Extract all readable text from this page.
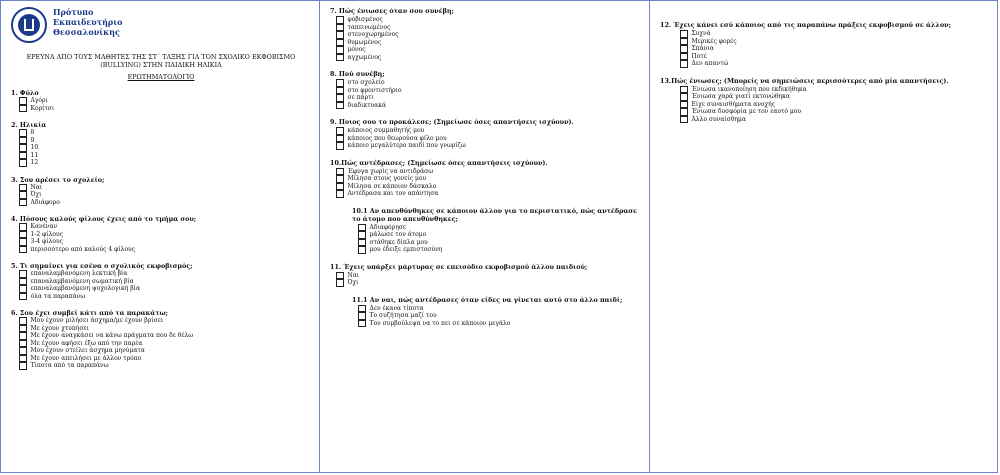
Πρότυπο
Εκπαιδευτήριο
Θεσσαλονίκης
ΕΡΕΥΝΑ ΑΠΟ ΤΟΥΣ ΜΑΘΗΤΕΣ ΤΗΣ ΣΤ΄ ΤΑΞΗΣ ΓΙΑ ΤΟΝ ΣΧΟΛΙΚΟ ΕΚΦΟΒΙΣΜΟ
(BULLYING) ΣΤΗΝ ΠΑΙΔΙΚΗ ΗΛΙΚΙΑ
ΕΡΩΤΗΜΑΤΟΛΟΓΙΟ
1. Φύλο
Αγόρι
Κορίτσι
2. Ηλικία
8
9
10
11
12
3. Σου αρέσει το σχολείο;
Ναι
Όχι
Αδιάφορο
4. Πόσους καλούς φίλους έχεις από το τμήμα σου;
Κανέναν
1-2 φίλους
3-4 φίλους
περισσότερο από καλούς 4 φίλους
5. Τι σημαίνει για εσένα ο σχολικός εκφοβισμός;
επαναλαμβανόμενη λεκτική βία
επαναλαμβανόμενη σωματική βία
επαναλαμβανόμενη ψυχολογική βία
όλα τα παραπάνω
6. Σου έχει συμβεί κάτι από τα παρακάτω;
Μου έχουν μιλήσει άσχημα/με έχουν βρίσει
Με έχουν χτυπήσει
Με έχουν αναγκάσει να κάνω πράγματα που δε θέλω
Με έχουν αφήσει έξω από την παρέα
Μου έχουν στείλει άσχημα μηνύματα
Με έχουν απειλήσει με άλλον τρόπο
Τίποτα από τα παραπάνω
7. Πώς ένιωσες όταν σου συνέβη;
φοβισμένος
ταπεινωμένος
στενοχωρημένος
θυμωμένος
μόνος
αγχωμένος
8. Πού συνέβη;
στο σχολείο
στο φροντιστήριο
σε πάρτι
διαδικτυακά
9. Ποιος σου το προκάλεσε; (Σημείωσε όσες απαντήσεις ισχύουν).
κάποιος συμμαθητής μου
κάποιος που θεωρούσα φίλο μου
κάποιο μεγαλύτερο παιδί που γνωρίζω
10.Πώς αντέδρασες; (Σημείωσε όσες απαντήσεις ισχύουν).
Έφυγα χωρίς να αντιδράσω
Μίλησα στους γονείς μου
Μίλησα σε κάποιον δάσκαλο
Αντέδρασα και τον απάντησα
10.1 Αν απευθύνθηκες σε κάποιον άλλον για το περιστατικό, πώς αντέδρασε το άτομο που απευθύνθηκες;
Αδιαφόρησε
μάλωσε τον άτομο
στάθηκε δίπλα μου
μου έδειξε εμπιστοσύνη
11. Έχεις υπάρξει μάρτυρας σε επεισόδιο εκφοβισμού άλλου παιδιού;
Ναι
Όχι
11.1 Αν ναι, πώς αντέδρασες όταν είδες να γίνεται αυτό στο άλλο παιδί;
Δεν έκανα τίποτα
Το συζήτησα μαζί του
Τον συμβούλεψα να το πει σε κάποιον μεγάλο
12. Έχεις κάνει εσύ κάποιος από τις παραπάνω πράξεις εκφοβισμού σε άλλον;
Συχνά
Μερικές φορές
Σπάνια
Ποτέ
Δεν απαντώ
13.Πώς ένιωσες; (Μπορείς να σημειώσεις περισσότερες από μία απαντήσεις).
Ένιωσα ικανοποίηση που εκδικήθηκα
Ένιωσα χαρά γιατί εκτονώθηκα
Είχε συναισθήματα ανοχής
Ένιωσα δυσφορία με τον εαυτό μου
Άλλο συναίσθημα
